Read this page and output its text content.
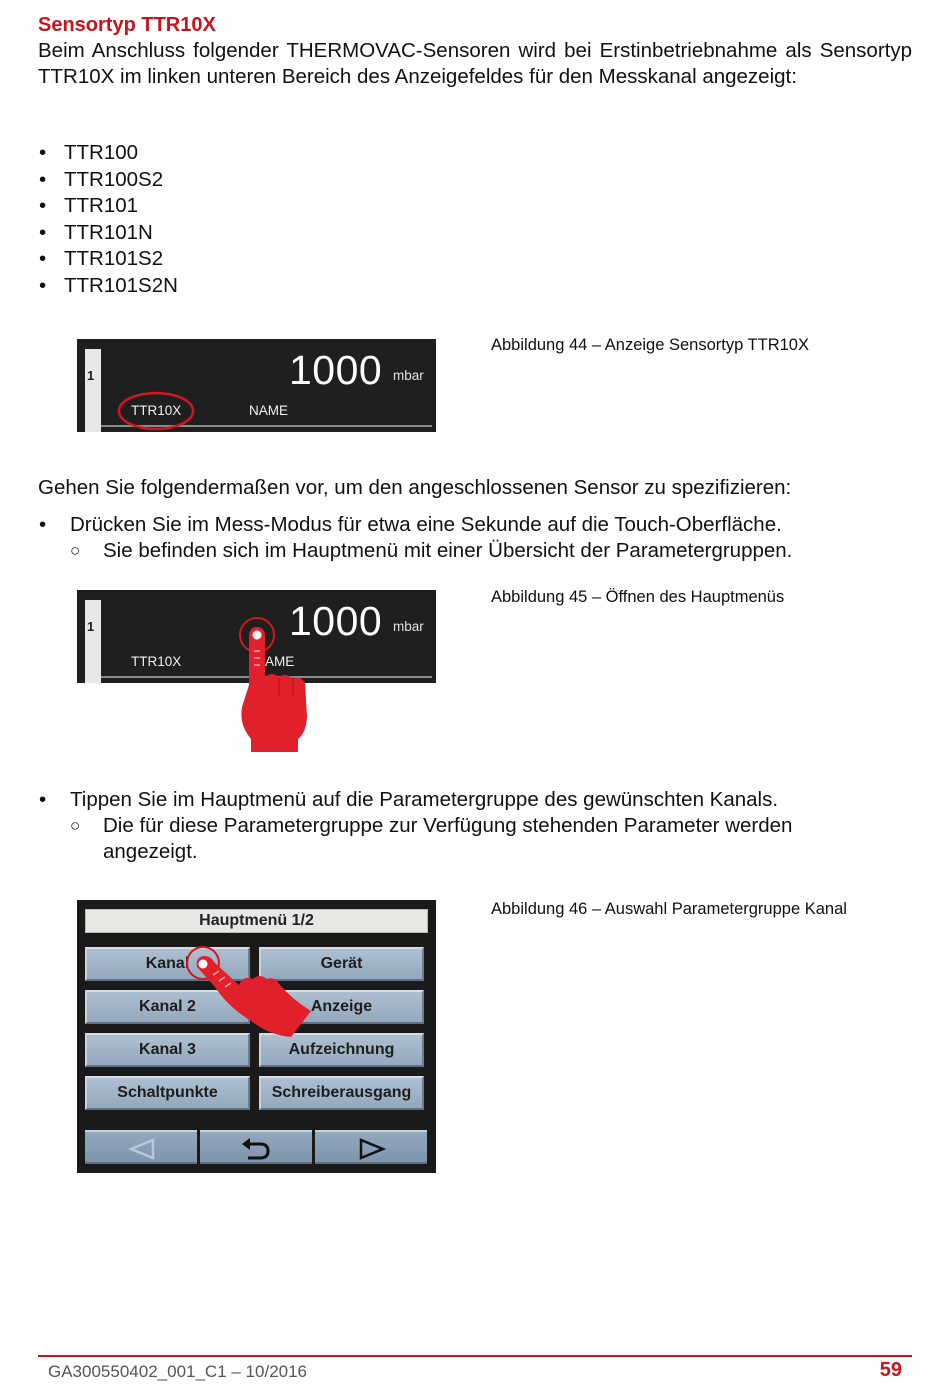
Sensortyp TTR10X

Beim Anschluss folgender THERMOVAC-Sensoren wird bei Erstinbetriebnahme als Sensortyp TTR10X im linken unteren Bereich des Anzeigefeldes für den Messkanal angezeigt:

• TTR100
• TTR100S2
• TTR101
• TTR101N
• TTR101S2
• TTR101S2N
1	1000 mbar
TTR10X	NAME
Abbildung 44 – Anzeige Sensortyp TTR10X

Gehen Sie folgendermaßen vor, um den angeschlossenen Sensor zu spezifizieren:

• Drücken Sie im Mess-Modus für etwa eine Sekunde auf die Touch-Oberfläche.
○ Sie befinden sich im Hauptmenü mit einer Übersicht der Parametergruppen.
1	1000 mbar
TTR10X	AME
Abbildung 45 – Öffnen des Hauptmenüs
• Tippen Sie im Hauptmenü auf die Parametergruppe des gewünschten Kanals.
○ Die für diese Parametergruppe zur Verfügung stehenden Parameter werden
angezeigt.
Hauptmenü 1/2
Kanal	Gerät
Kanal 2	Anzeige
Kanal 3	Aufzeichnung
Schaltpunkte	Schreiberausgang
Abbildung 46 – Auswahl Parametergruppe Kanal
GA300550402_001_C1 – 10/2016	59
